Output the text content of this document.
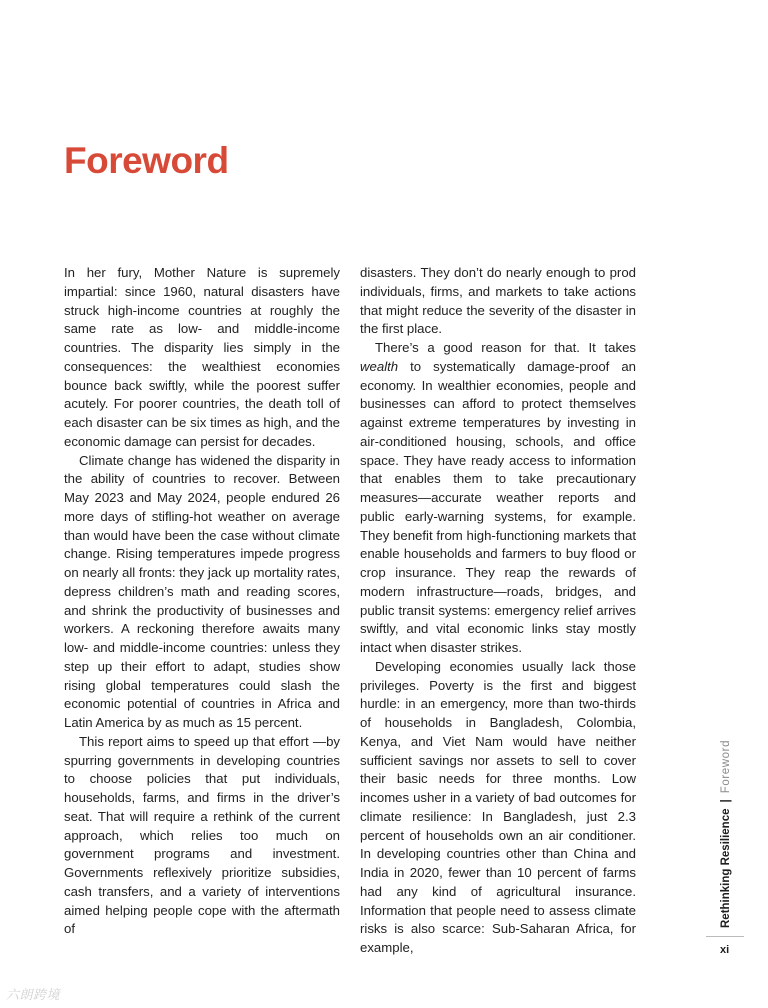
Foreword

In her fury, Mother Nature is supremely impartial: since 1960, natural disasters have struck high-income countries at roughly the same rate as low- and middle-income countries. The disparity lies simply in the consequences: the wealthiest economies bounce back swiftly, while the poorest suffer acutely. For poorer countries, the death toll of each disaster can be six times as high, and the economic damage can persist for decades.

Climate change has widened the disparity in the ability of countries to recover. Between May 2023 and May 2024, people endured 26 more days of stifling-hot weather on average than would have been the case without climate change. Rising temperatures impede progress on nearly all fronts: they jack up mortality rates, depress children’s math and reading scores, and shrink the productivity of businesses and workers. A reckoning therefore awaits many low- and middle-income countries: unless they step up their effort to adapt, studies show rising global temperatures could slash the economic potential of countries in Africa and Latin America by as much as 15 percent.

This report aims to speed up that effort —by spurring governments in developing countries to choose policies that put individuals, households, farms, and firms in the driver’s seat. That will require a rethink of the current approach, which relies too much on government programs and investment. Governments reflexively prioritize subsidies, cash transfers, and a variety of interventions aimed helping people cope with the aftermath of

disasters. They don’t do nearly enough to prod individuals, firms, and markets to take actions that might reduce the severity of the disaster in the first place.

There’s a good reason for that. It takes wealth to systematically damage-proof an economy. In wealthier economies, people and businesses can afford to protect themselves against extreme temperatures by investing in air-conditioned housing, schools, and office space. They have ready access to information that enables them to take precautionary measures—accurate weather reports and public early-warning systems, for example. They benefit from high-functioning markets that enable households and farmers to buy flood or crop insurance. They reap the rewards of modern infrastructure—roads, bridges, and public transit systems: emergency relief arrives swiftly, and vital economic links stay mostly intact when disaster strikes.

Developing economies usually lack those privileges. Poverty is the first and biggest hurdle: in an emergency, more than two-thirds of households in Bangladesh, Colombia, Kenya, and Viet Nam would have neither sufficient savings nor assets to sell to cover their basic needs for three months. Low incomes usher in a variety of bad outcomes for climate resilience: In Bangladesh, just 2.3 percent of households own an air conditioner. In developing countries other than China and India in 2020, fewer than 10 percent of farms had any kind of agricultural insurance. Information that people need to assess climate risks is also scarce: Sub-Saharan Africa, for example,

Rethinking Resilience|Foreword
xi
六朗跨境
